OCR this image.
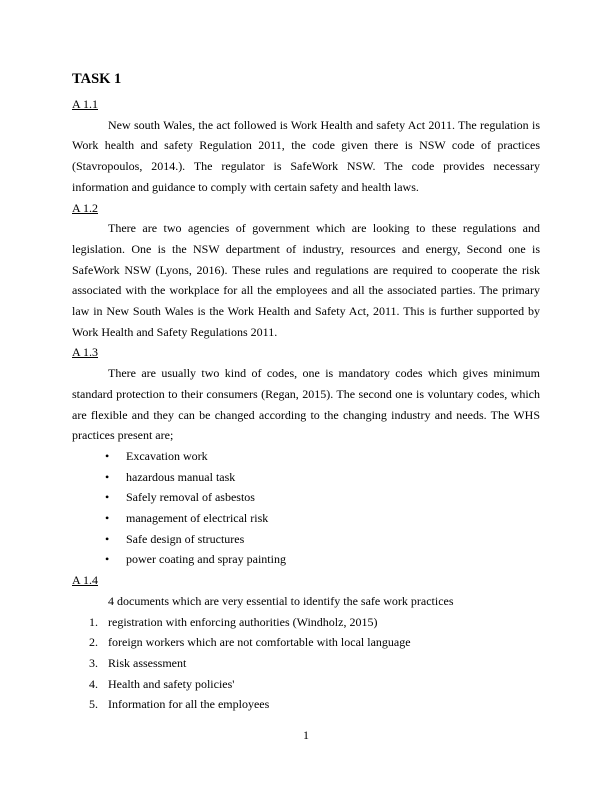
TASK 1
A 1.1

New south Wales, the act followed is Work Health and safety Act 2011. The regulation is Work health and safety Regulation 2011, the code given there is NSW code of practices (Stavropoulos, 2014.). The regulator is SafeWork NSW. The code provides necessary information and guidance to comply with certain safety and health laws.

A 1.2

There are two agencies of government which are looking to these regulations and legislation. One is the NSW department of industry, resources and energy, Second one is SafeWork NSW (Lyons, 2016). These rules and regulations are required to cooperate the risk associated with the workplace for all the employees and all the associated parties. The primary law in New South Wales is the Work Health and Safety Act, 2011. This is further supported by Work Health and Safety Regulations 2011.

A 1.3

There are usually two kind of codes, one is mandatory codes which gives minimum standard protection to their consumers (Regan, 2015). The second one is voluntary codes, which are flexible and they can be changed according to the changing industry and needs. The WHS practices present are;

• Excavation work
• hazardous manual task
• Safely removal of asbestos
• management of electrical risk
• Safe design of structures
• power coating and spray painting
A 1.4

4 documents which are very essential to identify the safe work practices

1. registration with enforcing authorities (Windholz, 2015)
2. foreign workers which are not comfortable with local language
3. Risk assessment
4. Health and safety policies'
5. Information for all the employees
1
